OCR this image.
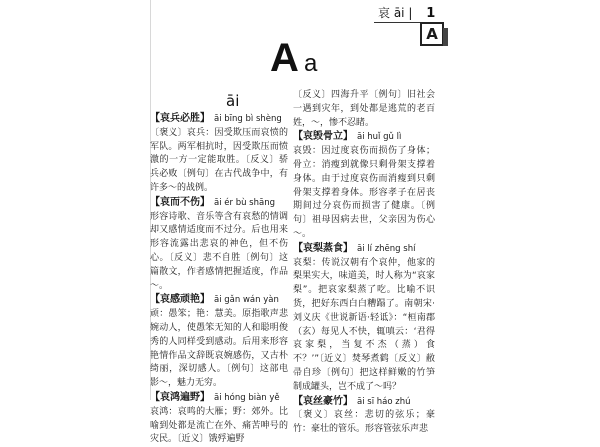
哀 āi | 1
A
A a
āi
【哀兵必胜】 āi bīng bì shèng
〔褒义〕哀兵：因受欺压而哀愤的军队。两军相抗时，因受欺压而愤激的一方一定能取胜。〔反义〕骄兵必败〔例句〕在古代战争中，有许多～的战例。
【哀而不伤】 āi ér bù shāng
形容诗歌、音乐等含有哀愁的情调却又感情适度而不过分。后也用来形容流露出悲哀的神色，但不伤心。〔反义〕悲不自胜〔例句〕这篇散文，作者感情把握适度，作品～。
【哀感顽艳】 āi gǎn wán yàn
顽：愚笨；艳：慧美。原指歌声悲婉动人，使愚笨无知的人和聪明俊秀的人同样受到感动。后用来形容艳情作品文辞既哀婉感伤，又古朴绮丽，深切感人。〔例句〕这部电影～，魅力无穷。
【哀鸿遍野】 āi hóng biàn yě
哀鸿：哀鸣的大雁；野：郊外。比喻到处都是流亡在外、痛苦呻号的灾民。〔近义〕饿殍遍野
〔反义〕四海升平〔例句〕旧社会一遇到灾年，到处都是逃荒的老百姓，～，惨不忍睹。
【哀毁骨立】 āi huǐ gǔ lì
哀毁：因过度哀伤而损伤了身体；骨立：消瘦到就像只剩骨架支撑着身体。由于过度哀伤而消瘦到只剩骨架支撑着身体。形容孝子在居丧期间过分哀伤而损害了健康。〔例句〕祖母因病去世，父亲因为伤心～。
【哀梨蒸食】 āi lí zhēng shí
哀梨：传说汉朝有个哀仲，他家的梨果实大，味道美，时人称为“哀家梨”。把哀家梨蒸了吃。比喻不识货，把好东西白白糟蹋了。南朝宋·刘义庆《世说新语·轻诋》：“桓南郡（玄）每见人不快，辄嗔云：‘君得哀家梨，当复不杰（蒸）食不？’”〔近义〕焚琴煮鹤〔反义〕敝帚自珍〔例句〕把这样鲜嫩的竹笋制成罐头，岂不成了～吗？
【哀丝豪竹】 āi sī háo zhú
〔褒义〕哀丝：悲切的弦乐；豪竹：豪壮的管乐。形容管弦乐声悲
